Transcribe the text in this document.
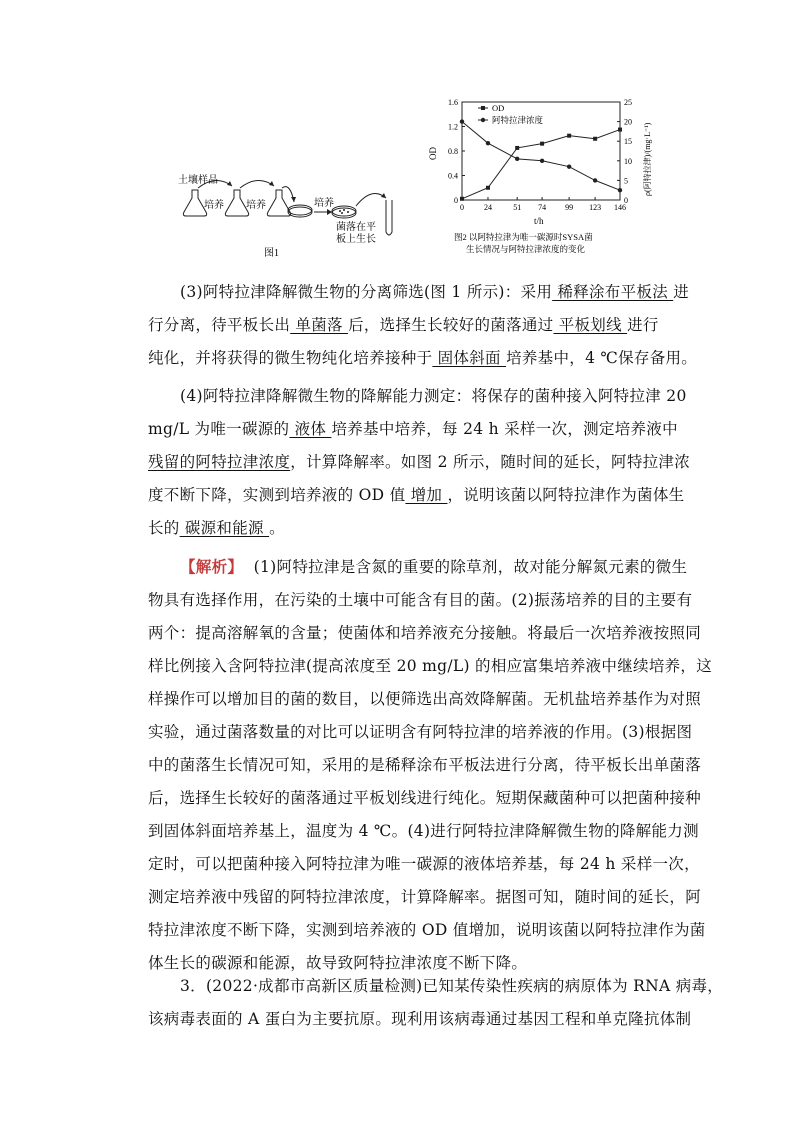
土壤样品
培养 培养	培养
菌落在平
板上生长
图1
0 24	51 74 99 123 146
0
0.4
0.8
1.2
1.6
0
5
10
15
20
25
OD	ρ(阿特拉津)/(mg·L⁻¹)
t/h
图2 以阿特拉津为唯一碳源时SYSA菌
生长情况与阿特拉津浓度的变化
OD
阿特拉津浓度
(3)阿特拉津降解微生物的分离筛选(图 1 所示)：采用 稀释涂布平板法 进
行分离，待平板长出 单菌落 后，选择生长较好的菌落通过 平板划线 进行
纯化，并将获得的微生物纯化培养接种于 固体斜面 培养基中，4 ℃保存备用。
(4)阿特拉津降解微生物的降解能力测定：将保存的菌种接入阿特拉津 20
mg/L 为唯一碳源的 液体 培养基中培养，每 24 h 采样一次，测定培养液中
残留的阿特拉津浓度，计算降解率。如图 2 所示，随时间的延长，阿特拉津浓
度不断下降，实测到培养液的 OD 值 增加 ，说明该菌以阿特拉津作为菌体生
长的 碳源和能源 。
【解析】 (1)阿特拉津是含氮的重要的除草剂，故对能分解氮元素的微生
物具有选择作用，在污染的土壤中可能含有目的菌。(2)振荡培养的目的主要有
两个：提高溶解氧的含量；使菌体和培养液充分接触。将最后一次培养液按照同
样比例接入含阿特拉津(提高浓度至 20 mg/L) 的相应富集培养液中继续培养，这
样操作可以增加目的菌的数目，以便筛选出高效降解菌。无机盐培养基作为对照
实验，通过菌落数量的对比可以证明含有阿特拉津的培养液的作用。(3)根据图
中的菌落生长情况可知，采用的是稀释涂布平板法进行分离，待平板长出单菌落
后，选择生长较好的菌落通过平板划线进行纯化。短期保藏菌种可以把菌种接种
到固体斜面培养基上，温度为 4 ℃。(4)进行阿特拉津降解微生物的降解能力测
定时，可以把菌种接入阿特拉津为唯一碳源的液体培养基，每 24 h 采样一次，
测定培养液中残留的阿特拉津浓度，计算降解率。据图可知，随时间的延长，阿
特拉津浓度不断下降，实测到培养液的 OD 值增加，说明该菌以阿特拉津作为菌
体生长的碳源和能源，故导致阿特拉津浓度不断下降。
3．(2022·成都市高新区质量检测)已知某传染性疾病的病原体为 RNA 病毒，
该病毒表面的 A 蛋白为主要抗原。现利用该病毒通过基因工程和单克隆抗体制
